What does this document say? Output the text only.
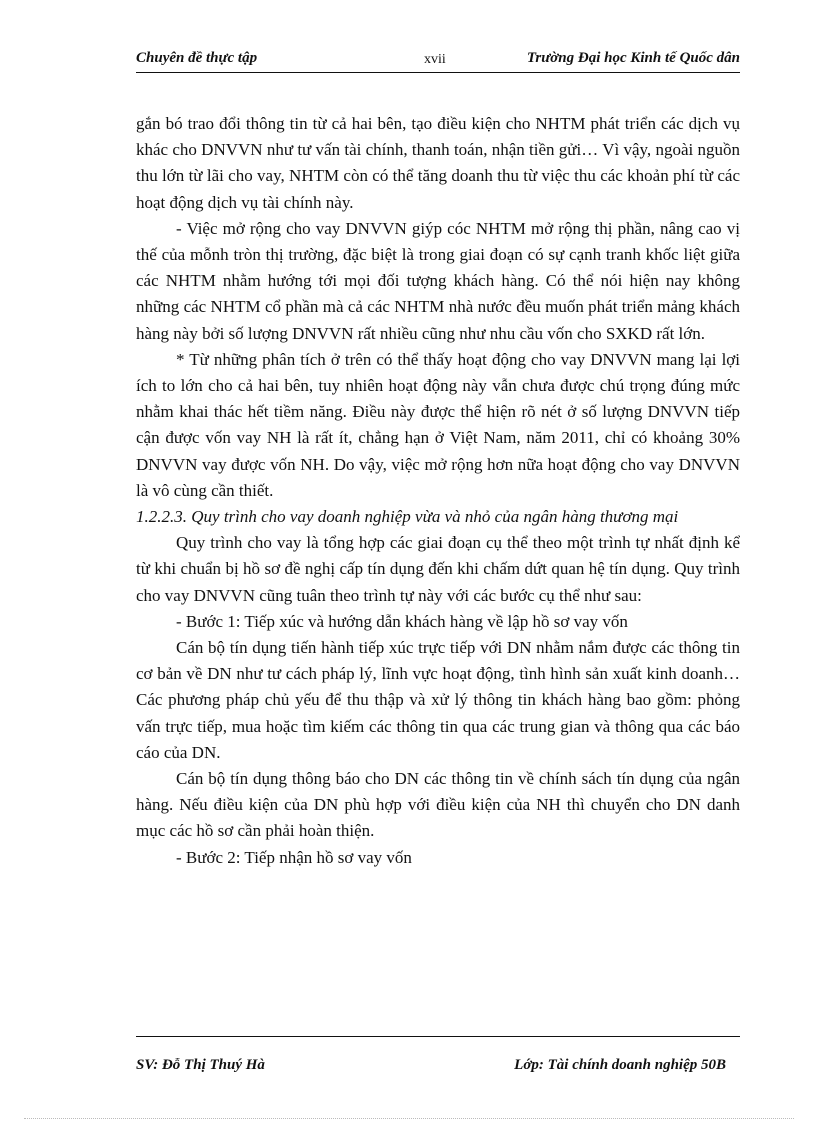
Chuyên đề thực tập	xvii	Trường Đại học Kinh tế Quốc dân

gắn bó trao đổi thông tin từ cả hai bên, tạo điều kiện cho NHTM phát triển các dịch vụ khác cho DNVVN như tư vấn tài chính, thanh toán, nhận tiền gửi… Vì vậy, ngoài nguồn thu lớn từ lãi cho vay, NHTM còn có thể tăng doanh thu từ việc thu các khoản phí từ các hoạt động dịch vụ tài chính này.

- Việc mở rộng cho vay DNVVN giýp cóc NHTM mở rộng thị phần, nâng cao vị thế của mỗnh tròn thị trường, đặc biệt là trong giai đoạn có sự cạnh tranh khốc liệt giữa các NHTM nhằm hướng tới mọi đối tượng khách hàng. Có thể nói hiện nay không những các NHTM cổ phần mà cả các NHTM nhà nước đều muốn phát triển mảng khách hàng này bởi số lượng DNVVN rất nhiều cũng như nhu cầu vốn cho SXKD rất lớn.

* Từ những phân tích ở trên có thể thấy hoạt động cho vay DNVVN mang lại lợi ích to lớn cho cả hai bên, tuy nhiên hoạt động này vẫn chưa được chú trọng đúng mức nhằm khai thác hết tiềm năng. Điều này được thể hiện rõ nét ở số lượng DNVVN tiếp cận được vốn vay NH là rất ít, chẳng hạn ở Việt Nam, năm 2011, chỉ có khoảng 30% DNVVN vay được vốn NH. Do vậy, việc mở rộng hơn nữa hoạt động cho vay DNVVN là vô cùng cần thiết.

1.2.2.3. Quy trình cho vay doanh nghiệp vừa và nhỏ của ngân hàng thương mại

Quy trình cho vay là tổng hợp các giai đoạn cụ thể theo một trình tự nhất định kể từ khi chuẩn bị hồ sơ đề nghị cấp tín dụng đến khi chấm dứt quan hệ tín dụng. Quy trình cho vay DNVVN cũng tuân theo trình tự này với các bước cụ thể như sau:

- Bước 1: Tiếp xúc và hướng dẫn khách hàng về lập hồ sơ vay vốn

Cán bộ tín dụng tiến hành tiếp xúc trực tiếp với DN nhằm nắm được các thông tin cơ bản về DN như tư cách pháp lý, lĩnh vực hoạt động, tình hình sản xuất kinh doanh… Các phương pháp chủ yếu để thu thập và xử lý thông tin khách hàng bao gồm: phỏng vấn trực tiếp, mua hoặc tìm kiếm các thông tin qua các trung gian và thông qua các báo cáo của DN.

Cán bộ tín dụng thông báo cho DN các thông tin về chính sách tín dụng của ngân hàng. Nếu điều kiện của DN phù hợp với điều kiện của NH thì chuyển cho DN danh mục các hồ sơ cần phải hoàn thiện.

- Bước 2: Tiếp nhận hồ sơ vay vốn

SV: Đỗ Thị Thuý Hà	Lớp: Tài chính doanh nghiệp 50B
